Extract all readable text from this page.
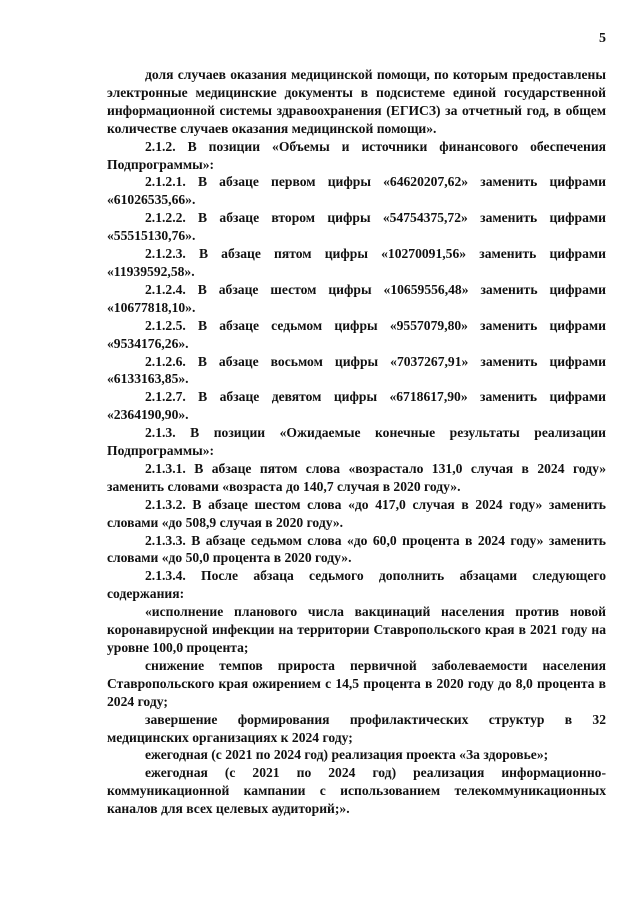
5

доля случаев оказания медицинской помощи, по которым предоставлены электронные медицинские документы в подсистеме единой государственной информационной системы здравоохранения (ЕГИСЗ) за отчетный год, в общем количестве случаев оказания медицинской помощи».

2.1.2. В позиции «Объемы и источники финансового обеспечения Подпрограммы»:

2.1.2.1. В абзаце первом цифры «64620207,62» заменить цифрами «61026535,66».

2.1.2.2. В абзаце втором цифры «54754375,72» заменить цифрами «55515130,76».

2.1.2.3. В абзаце пятом цифры «10270091,56» заменить цифрами «11939592,58».

2.1.2.4. В абзаце шестом цифры «10659556,48» заменить цифрами «10677818,10».

2.1.2.5. В абзаце седьмом цифры «9557079,80» заменить цифрами «9534176,26».

2.1.2.6. В абзаце восьмом цифры «7037267,91» заменить цифрами «6133163,85».

2.1.2.7. В абзаце девятом цифры «6718617,90» заменить цифрами «2364190,90».

2.1.3. В позиции «Ожидаемые конечные результаты реализации Подпрограммы»:

2.1.3.1. В абзаце пятом слова «возрастало 131,0 случая в 2024 году» заменить словами «возраста до 140,7 случая в 2020 году».

2.1.3.2. В абзаце шестом слова «до 417,0 случая в 2024 году» заменить словами «до 508,9 случая в 2020 году».

2.1.3.3. В абзаце седьмом слова «до 60,0 процента в 2024 году» заменить словами «до 50,0 процента в 2020 году».

2.1.3.4. После абзаца седьмого дополнить абзацами следующего содержания:

«исполнение планового числа вакцинаций населения против новой коронавирусной инфекции на территории Ставропольского края в 2021 году на уровне 100,0 процента;

снижение темпов прироста первичной заболеваемости населения Ставропольского края ожирением с 14,5 процента в 2020 году до 8,0 процента в 2024 году;

завершение формирования профилактических структур в 32 медицинских организациях к 2024 году;

ежегодная (с 2021 по 2024 год) реализация проекта «За здоровье»;

ежегодная (с 2021 по 2024 год) реализация информационно-коммуникационной кампании с использованием телекоммуникационных каналов для всех целевых аудиторий;».
